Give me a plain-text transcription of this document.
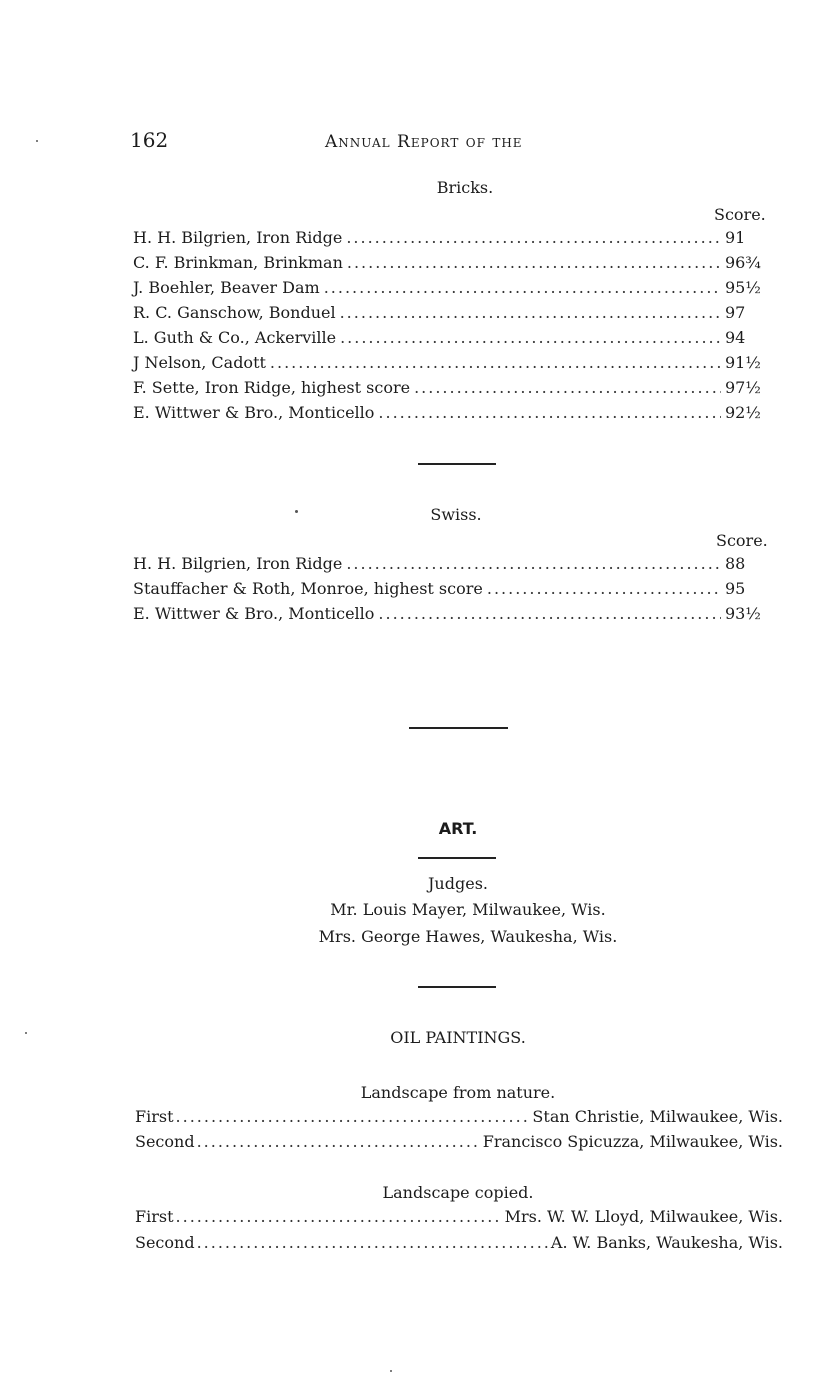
162	Annual Report of the
Bricks.
Score.
H. H. Bilgrien, Iron Ridge .....	91
C. F. Brinkman, Brinkman .....	96¾
J. Boehler, Beaver Dam .....	95½
R. C. Ganschow, Bonduel .....	97
L. Guth & Co., Ackerville .....	94
J Nelson, Cadott .....	91½
F. Sette, Iron Ridge, highest score .....	97½
E. Wittwer & Bro., Monticello .....	92½
Swiss.
Score.
H. H. Bilgrien, Iron Ridge .....	88
Stauffacher & Roth, Monroe, highest score .....	95
E. Wittwer & Bro., Monticello .....	93½
ART.
Judges.
Mr. Louis Mayer, Milwaukee, Wis.
Mrs. George Hawes, Waukesha, Wis.
OIL PAINTINGS.
Landscape from nature.
First .....	Stan Christie, Milwaukee, Wis.
Second .....	Francisco Spicuzza, Milwaukee, Wis.
Landscape copied.
First .....	Mrs. W. W. Lloyd, Milwaukee, Wis.
Second .....	A. W. Banks, Waukesha, Wis.
